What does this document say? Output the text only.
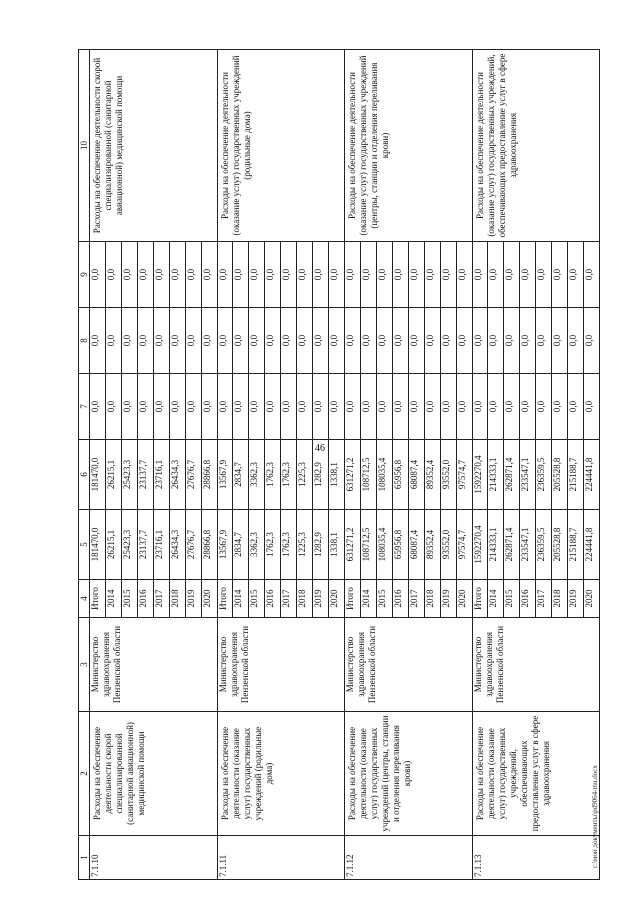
46
1	2	3	4	5	6	7	8	9	10
7.1.10	Расходы на обеспечение деятельности скорой специализированной (санитарной авиационной) медицинской помощи	Министерство здравоохранения Пензенской области	Итого	181470,0	181470,0	0,0	0,0	0,0	Расходы на обеспечение деятельности скорой специализированной (санитарной авиационной) медицинской помощи
			2014	26215,1	26215,1	0,0	0,0	0,0	
			2015	25423,3	25423,3	0,0	0,0	0,0	
			2016	23137,7	23137,7	0,0	0,0	0,0	
			2017	23716,1	23716,1	0,0	0,0	0,0	
			2018	26434,3	26434,3	0,0	0,0	0,0	
			2019	27676,7	27676,7	0,0	0,0	0,0	
			2020	28866,8	28866,8	0,0	0,0	0,0	
7.1.11	Расходы на обеспечение деятельности (оказание услуг) государственных учреждений (родильные дома)	Министерство здравоохранения Пензенской области	Итого	13567,9	13567,9	0,0	0,0	0,0	Расходы на обеспечение деятельности (оказание услуг) государственных учреждений (родильные дома)
			2014	2834,7	2834,7	0,0	0,0	0,0	
			2015	3362,3	3362,3	0,0	0,0	0,0	
			2016	1762,3	1762,3	0,0	0,0	0,0	
			2017	1762,3	1762,3	0,0	0,0	0,0	
			2018	1225,3	1225,3	0,0	0,0	0,0	
			2019	1282,9	1282,9	0,0	0,0	0,0	
			2020	1338,1	1338,1	0,0	0,0	0,0	
7.1.12	Расходы на обеспечение деятельности (оказание услуг) государственных учреждений (центры, станции и отделения переливания крови)	Министерство здравоохранения Пензенской области	Итого	631271,2	631271,2	0,0	0,0	0,0	Расходы на обеспечение деятельности (оказание услуг) государственных учреждений (центры, станции и отделения переливания крови)
			2014	108712,5	108712,5	0,0	0,0	0,0	
			2015	108035,4	108035,4	0,0	0,0	0,0	
			2016	65956,8	65956,8	0,0	0,0	0,0	
			2017	68087,4	68087,4	0,0	0,0	0,0	
			2018	89352,4	89352,4	0,0	0,0	0,0	
			2019	93552,0	93552,0	0,0	0,0	0,0	
			2020	97574,7	97574,7	0,0	0,0	0,0	
7.1.13	Расходы на обеспечение деятельности (оказание услуг) государственных учреждений, обеспечивающих предоставление услуг в сфере здравоохранения	Министерство здравоохранения Пензенской области	Итого	1592270,4	1592270,4	0,0	0,0	0,0	Расходы на обеспечение деятельности (оказание услуг) государственных учреждений, обеспечивающих предоставление услуг в сфере здравоохранения
			2014	214333,1	214333,1	0,0	0,0	0,0	
			2015	262871,4	262871,4	0,0	0,0	0,0	
			2016	233547,1	233547,1	0,0	0,0	0,0	
			2017	236359,5	236359,5	0,0	0,0	0,0	
			2018	205528,8	205528,8	0,0	0,0	0,0	
			2019	215188,7	215188,7	0,0	0,0	0,0	
			2020	224441,8	224441,8	0,0	0,0	0,0	
c:\мои документы\pd9064-mu.docx
